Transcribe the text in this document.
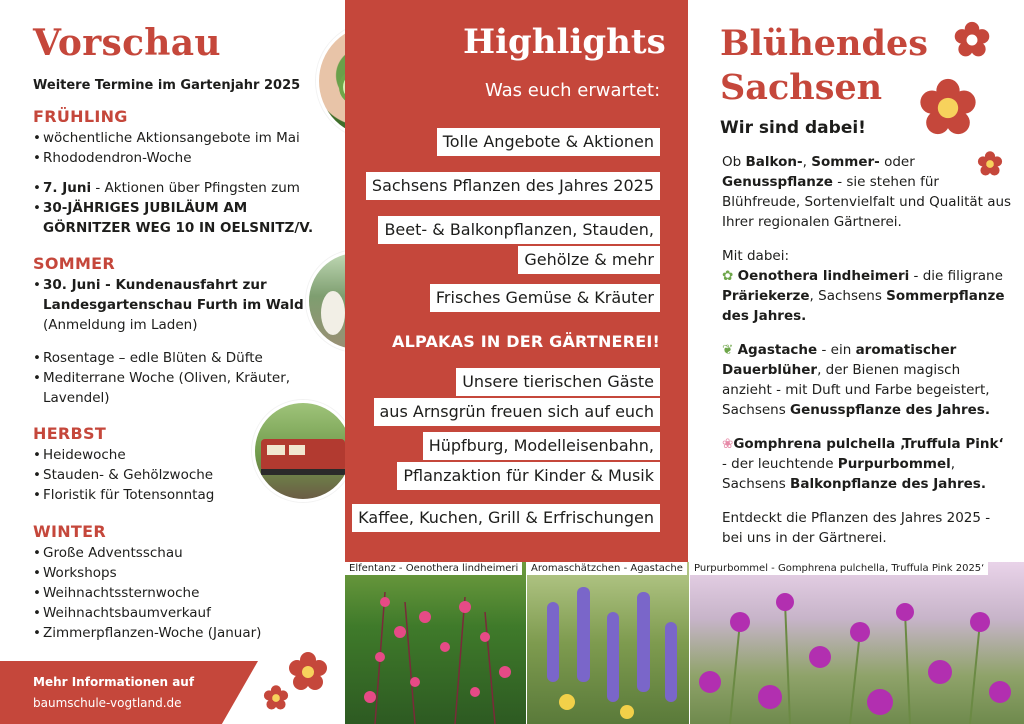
Vorschau
Weitere Termine im Gartenjahr 2025
FRÜHLING
• wöchentliche Aktionsangebote im Mai
• Rhododendron-Woche
• 7. Juni - Aktionen über Pfingsten zum
• 30-JÄHRIGES JUBILÄUM AM
GÖRNITZER WEG 10 IN OELSNITZ/V.
SOMMER
• 30. Juni - Kundenausfahrt zur
Landesgartenschau Furth im Wald
(Anmeldung im Laden)
• Rosentage – edle Blüten & Düfte
• Mediterrane Woche (Oliven, Kräuter,
Lavendel)
HERBST
• Heidewoche
• Stauden- & Gehölzwoche
• Floristik für Totensonntag
WINTER
• Große Adventsschau
• Workshops
• Weihnachtssternwoche
• Weihnachtsbaumverkauf
• Zimmerpflanzen-Woche (Januar)
Mehr Informationen auf
baumschule-vogtland.de
Highlights
Was euch erwartet:
Tolle Angebote & Aktionen
Sachsens Pflanzen des Jahres 2025
Beet- & Balkonpflanzen, Stauden,
Gehölze & mehr
Frisches Gemüse & Kräuter
ALPAKAS IN DER GÄRTNEREI!
Unsere tierischen Gäste
aus Arnsgrün freuen sich auf euch
Hüpfburg, Modelleisenbahn,
Pflanzaktion für Kinder & Musik
Kaffee, Kuchen, Grill & Erfrischungen
Blühendes
Sachsen
Wir sind dabei!
Ob Balkon-, Sommer- oder
Genusspflanze - sie stehen für Blühfreude, Sortenvielfalt und Qualität aus Ihrer regionalen Gärtnerei.
Mit dabei:
✿ Oenothera lindheimeri - die filigrane Präriekerze, Sachsens Sommerpflanze des Jahres.
❦ Agastache - ein aromatischer Dauerblüher, der Bienen magisch anzieht - mit Duft und Farbe begeistert, Sachsens Genusspflanze des Jahres.
❀Gomphrena pulchella ‚Truffula Pink‘ - der leuchtende Purpurbommel, Sachsens Balkonpflanze des Jahres.
Entdeckt die Pflanzen des Jahres 2025 - bei uns in der Gärtnerei.
Elfentanz - Oenothera lindheimeri	Aromaschätzchen - Agastache	Purpurbommel - Gomphrena pulchella, Truffula Pink 2025‘
